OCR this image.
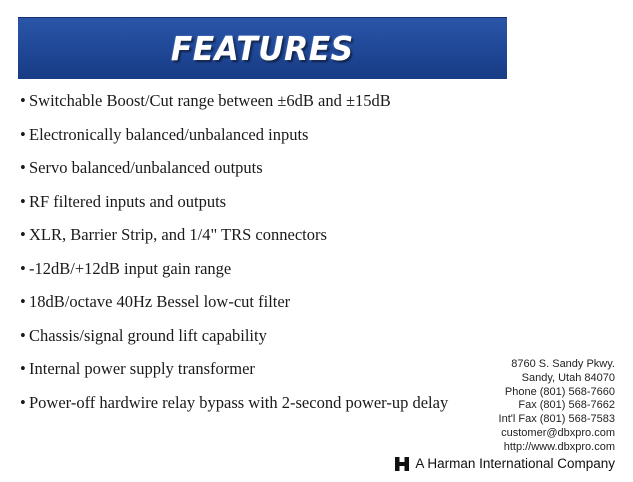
FEATURES
• Switchable Boost/Cut range between ±6dB and ±15dB
• Electronically balanced/unbalanced inputs
• Servo balanced/unbalanced outputs
• RF filtered inputs and outputs
• XLR, Barrier Strip, and 1/4" TRS connectors
• -12dB/+12dB input gain range
• 18dB/octave 40Hz Bessel low-cut filter
• Chassis/signal ground lift capability
• Internal power supply transformer
• Power-off hardwire relay bypass with 2-second power-up delay
8760 S. Sandy Pkwy.
Sandy, Utah 84070
Phone (801) 568-7660
Fax (801) 568-7662
Int'l Fax (801) 568-7583
customer@dbxpro.com
http://www.dbxpro.com
A Harman International Company
